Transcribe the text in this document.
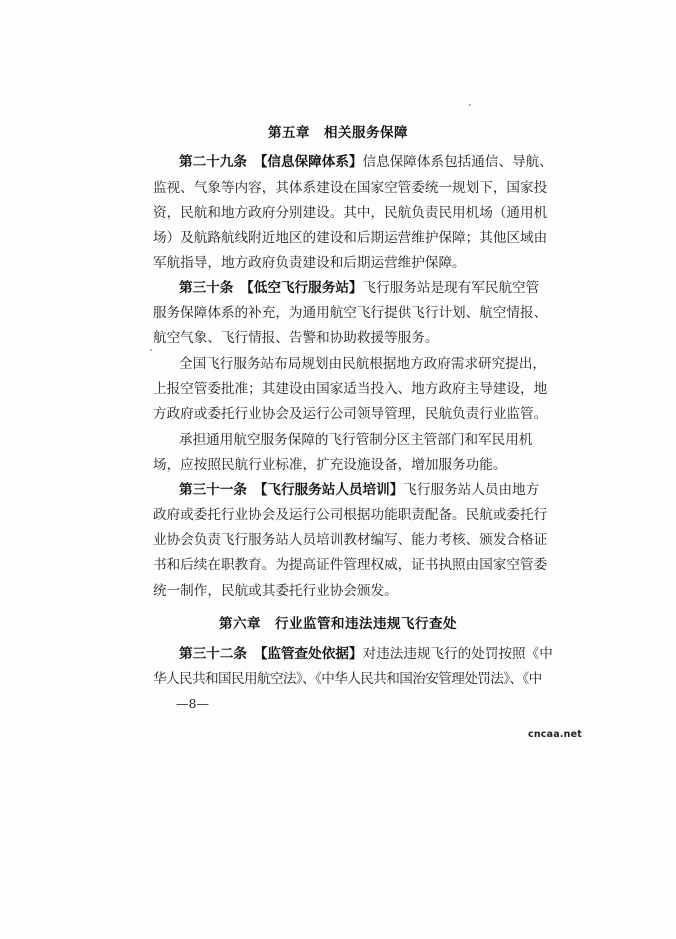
第五章　相关服务保障
第二十九条　【信息保障体系】信息保障体系包括通信、导航、
监视、气象等内容，其体系建设在国家空管委统一规划下，国家投
资，民航和地方政府分别建设。其中，民航负责民用机场（通用机
场）及航路航线附近地区的建设和后期运营维护保障；其他区域由
军航指导，地方政府负责建设和后期运营维护保障。
第三十条　【低空飞行服务站】飞行服务站是现有军民航空管
服务保障体系的补充，为通用航空飞行提供飞行计划、航空情报、
航空气象、飞行情报、告警和协助救援等服务。
全国飞行服务站布局规划由民航根据地方政府需求研究提出，
上报空管委批准；其建设由国家适当投入、地方政府主导建设，地
方政府或委托行业协会及运行公司领导管理，民航负责行业监管。
承担通用航空服务保障的飞行管制分区主管部门和军民用机
场，应按照民航行业标准，扩充设施设备，增加服务功能。
第三十一条　【飞行服务站人员培训】飞行服务站人员由地方
政府或委托行业协会及运行公司根据功能职责配备。民航或委托行
业协会负责飞行服务站人员培训教材编写、能力考核、颁发合格证
书和后续在职教育。为提高证件管理权威，证书执照由国家空管委
统一制作，民航或其委托行业协会颁发。
第六章　行业监管和违法违规飞行查处
第三十二条　【监管查处依据】对违法违规飞行的处罚按照《中
华人民共和国民用航空法》、《中华人民共和国治安管理处罚法》、《中
—8—
cncaa.net
